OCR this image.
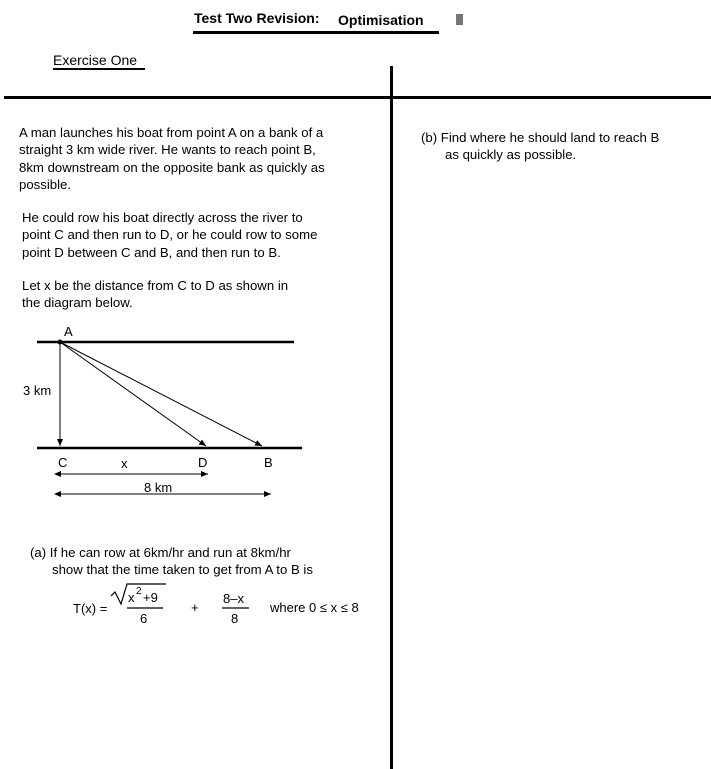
Test Two Revision: Optimisation
Exercise One
A man launches his boat from point A on a bank of a
straight 3 km wide river. He wants to reach point B,
8km downstream on the opposite bank as quickly as
possible.
He could row his boat directly across the river to
point C and then run to D, or he could row to some
point D between C and B, and then run to B.
Let x be the distance from C to D as shown in
the diagram below.
A
3 km
C	D	B
x
8 km
T(x) =
x 2 +9
6
+
8–x
8
where 0 ≤ x ≤ 8
(a) If he can row at 6km/hr and run at 8km/hr
show that the time taken to get from A to B is
(b) Find where he should land to reach B
as quickly as possible.
